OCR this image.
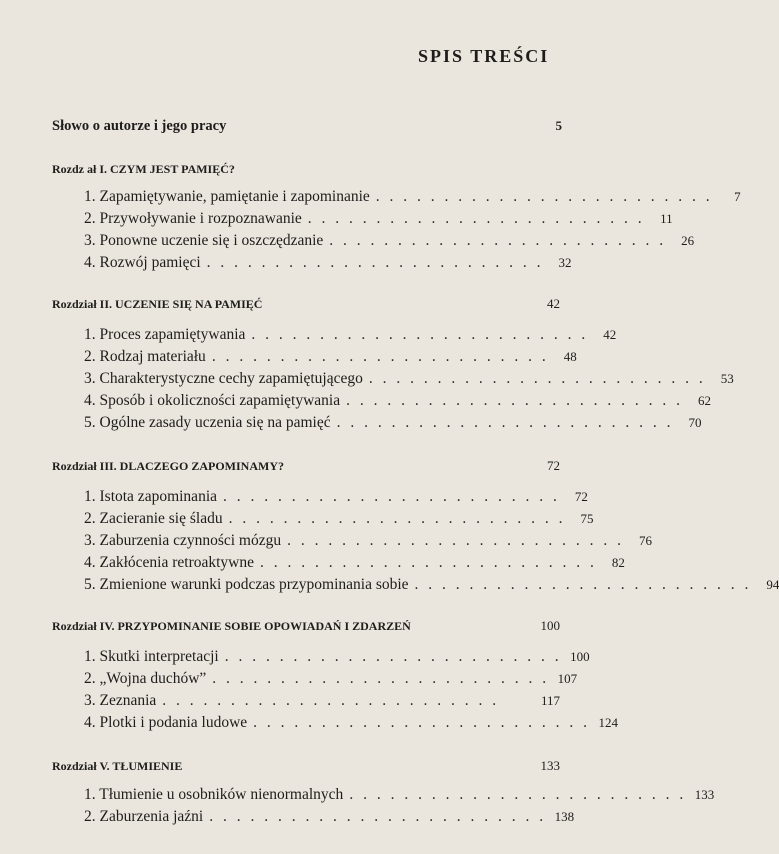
SPIS TREŚCI
Słowo o autorze i jego pracy	5
Rozdz ał I. CZYM JEST PAMIĘĆ?
1. Zapamiętywanie, pamiętanie i zapominanie . . . . . . . . . . . . . . . . . . . . . . . . .	7
2. Przywoływanie i rozpoznawanie . . . . . . . . . . . . . . . . . . . . . . . . .	11
3. Ponowne uczenie się i oszczędzanie . . . . . . . . . . . . . . . . . . . . . . . . .	26
4. Rozwój pamięci . . . . . . . . . . . . . . . . . . . . . . . . .	32
Rozdział II. UCZENIE SIĘ NA PAMIĘĆ	42
1. Proces zapamiętywania . . . . . . . . . . . . . . . . . . . . . . . . .	42
2. Rodzaj materiału . . . . . . . . . . . . . . . . . . . . . . . . .	48
3. Charakterystyczne cechy zapamiętującego . . . . . . . . . . . . . . . . . . . . . . . . .	53
4. Sposób i okoliczności zapamiętywania . . . . . . . . . . . . . . . . . . . . . . . . .	62
5. Ogólne zasady uczenia się na pamięć . . . . . . . . . . . . . . . . . . . . . . . . .	70
Rozdział III. DLACZEGO ZAPOMINAMY?	72
1. Istota zapominania . . . . . . . . . . . . . . . . . . . . . . . . .	72
2. Zacieranie się śladu . . . . . . . . . . . . . . . . . . . . . . . . .	75
3. Zaburzenia czynności mózgu . . . . . . . . . . . . . . . . . . . . . . . . .	76
4. Zakłócenia retroaktywne . . . . . . . . . . . . . . . . . . . . . . . . .	82
5. Zmienione warunki podczas przypominania sobie . . . . . . . . . . . . . . . . . . . . . . . . .	94
Rozdział IV. PRZYPOMINANIE SOBIE OPOWIADAŃ I ZDARZEŃ	100
1. Skutki interpretacji . . . . . . . . . . . . . . . . . . . . . . . . . 100
2. „Wojna duchów” . . . . . . . . . . . . . . . . . . . . . . . . . 107
3. Zeznania . . . . . . . . . . . . . . . . . . . . . . . . .	117
4. Plotki i podania ludowe . . . . . . . . . . . . . . . . . . . . . . . . . 124
Rozdział V. TŁUMIENIE	133
1. Tłumienie u osobników nienormalnych . . . . . . . . . . . . . . . . . . . . . . . . . 133
2. Zaburzenia jaźni . . . . . . . . . . . . . . . . . . . . . . . . . 138
